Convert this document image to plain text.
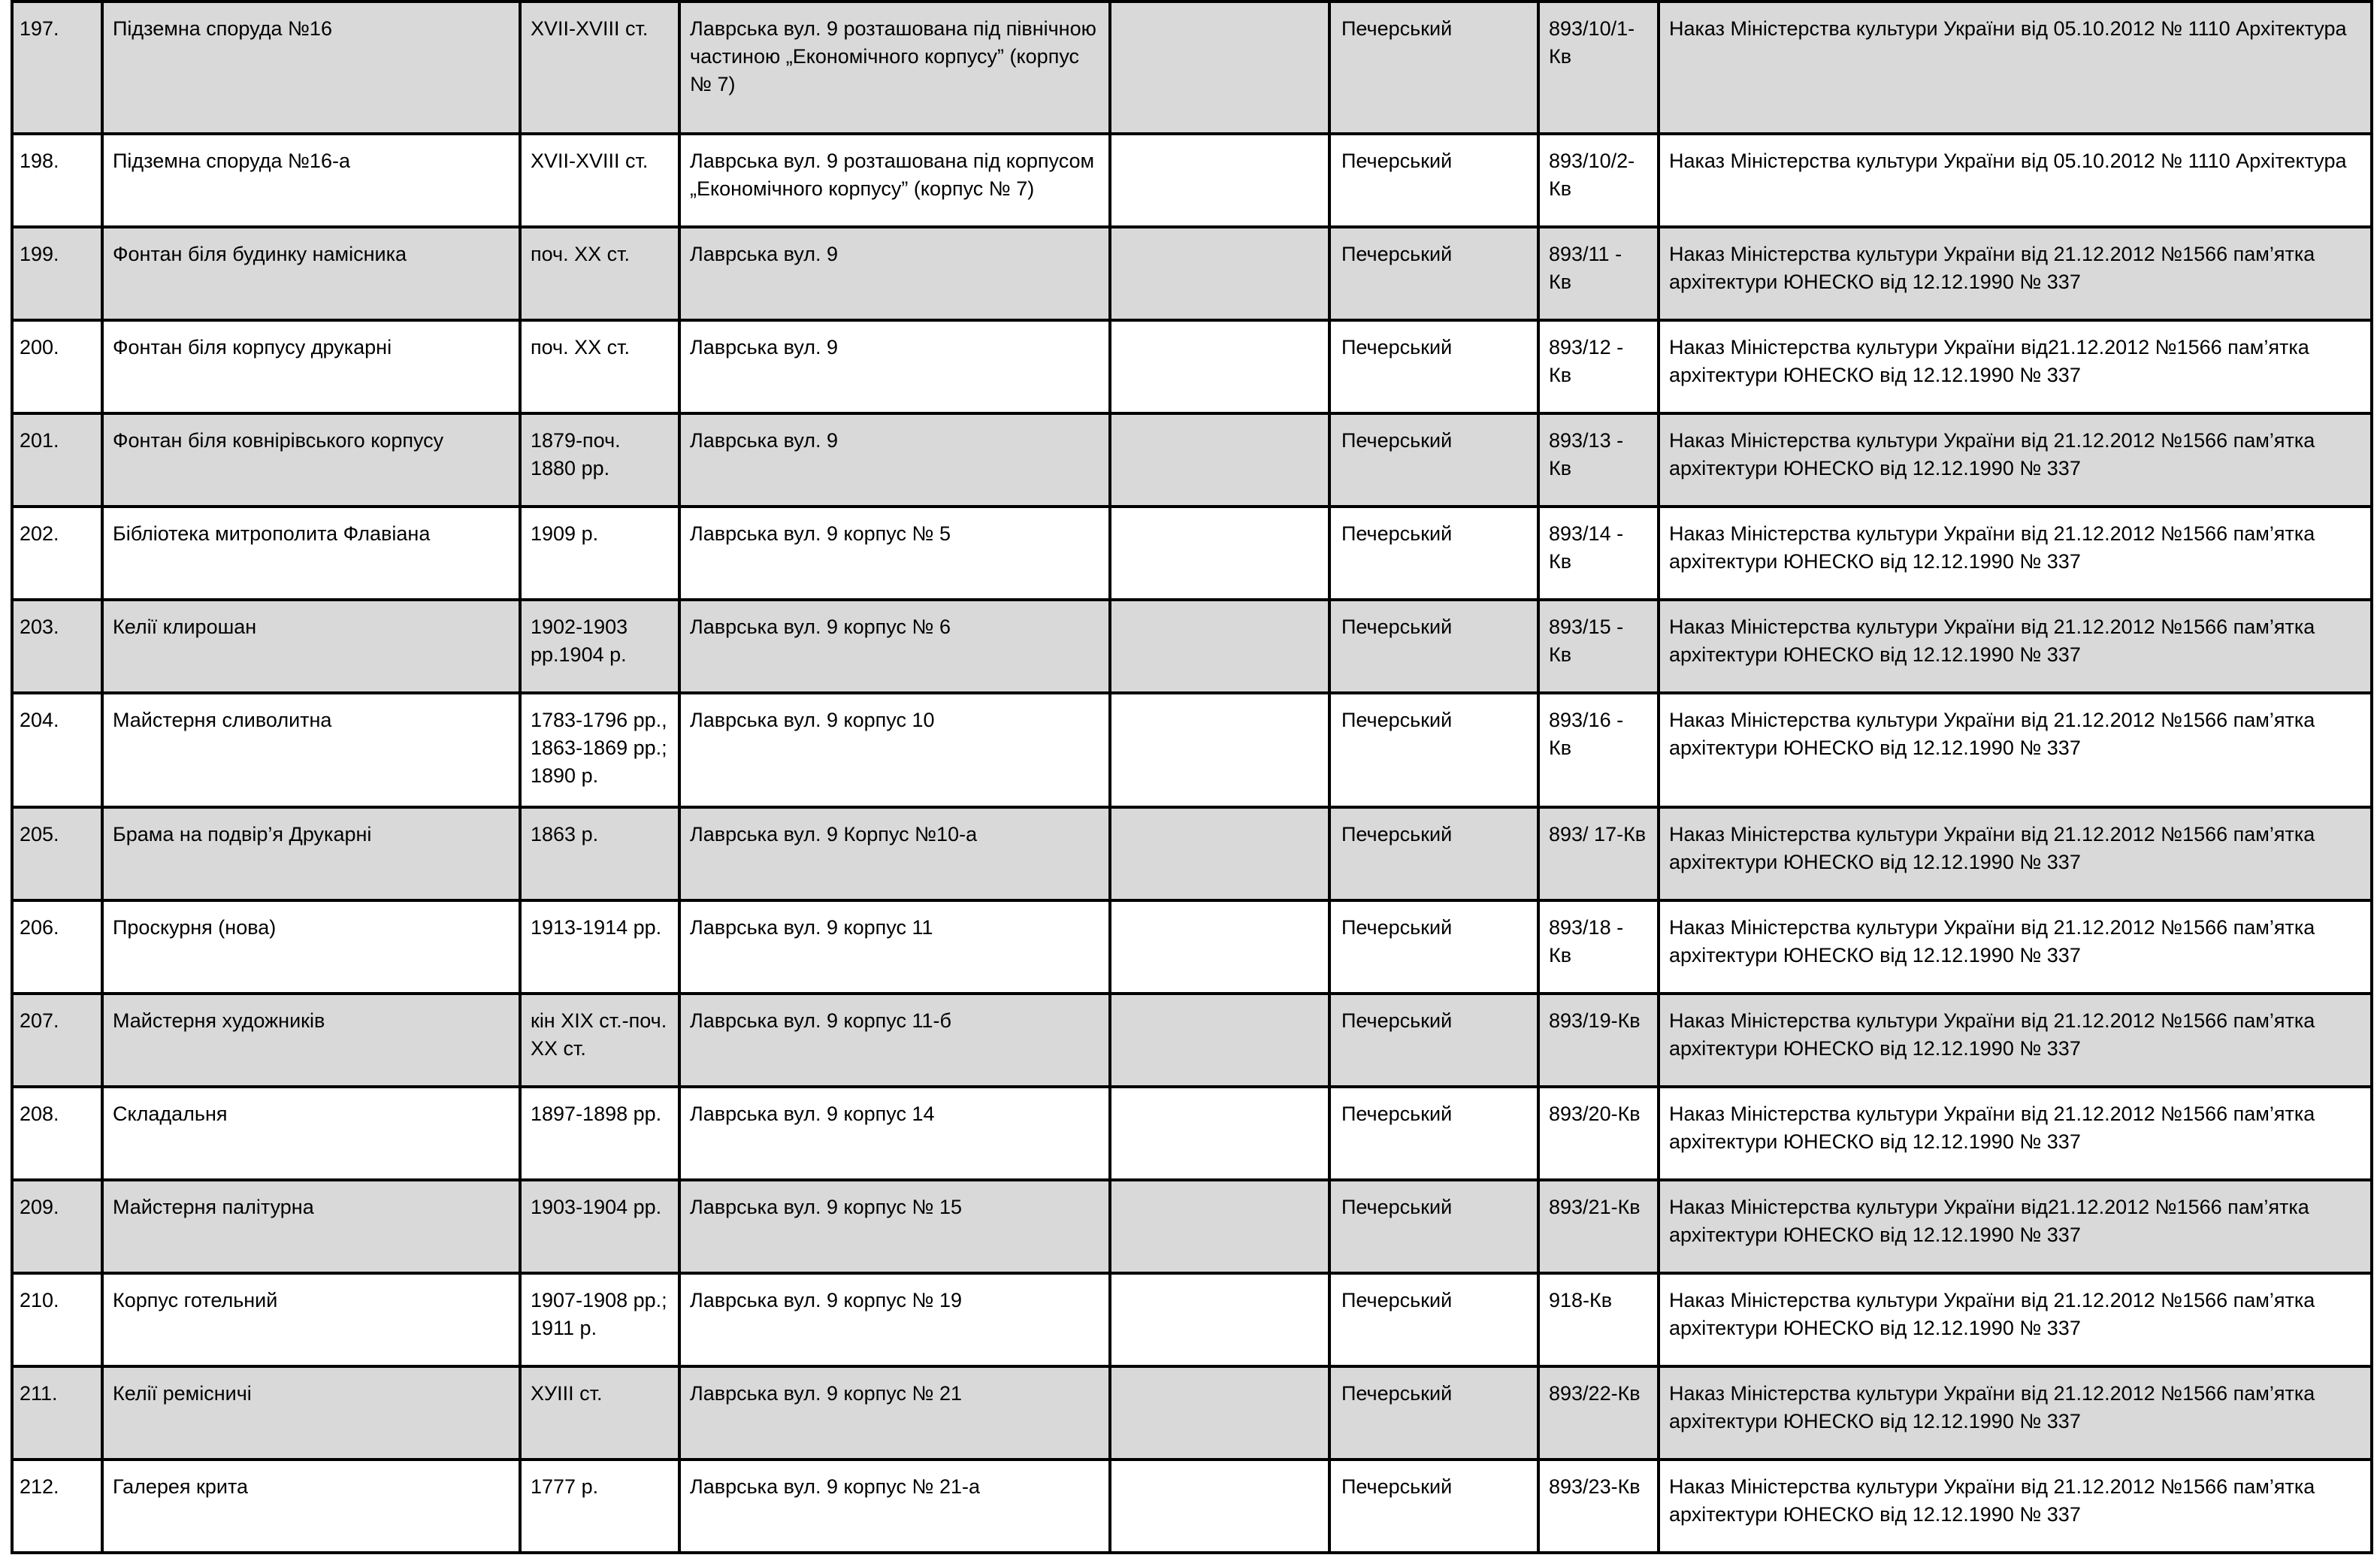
197.	Підземна споруда №16	XVII-XVIII ст.	Лаврська вул. 9 розташована під північною частиною „Економічного корпусу” (корпус № 7)		Печерський	893/10/1-Кв	Наказ Міністерства культури України від 05.10.2012 № 1110 Архітектура
198.	Підземна споруда №16-а	XVII-XVIII ст.	Лаврська вул. 9 розташована під корпусом „Економічного корпусу” (корпус № 7)		Печерський	893/10/2-Кв	Наказ Міністерства культури України від 05.10.2012 № 1110 Архітектура
199.	Фонтан біля будинку намісника	поч. ХХ ст.	Лаврська вул. 9		Печерський	893/11 - Кв	Наказ Міністерства культури України від 21.12.2012 №1566 пам’ятка архітектури ЮНЕСКО від 12.12.1990 № 337
200.	Фонтан біля корпусу друкарні	поч. ХХ ст.	Лаврська вул. 9		Печерський	893/12 - Кв	Наказ Міністерства культури України від21.12.2012 №1566 пам’ятка архітектури ЮНЕСКО від 12.12.1990 № 337
201.	Фонтан біля ковнірівського корпусу	1879-поч. 1880 рр.	Лаврська вул. 9		Печерський	893/13 - Кв	Наказ Міністерства культури України від 21.12.2012 №1566 пам’ятка архітектури ЮНЕСКО від 12.12.1990 № 337
202.	Бібліотека митрополита Флавіана	1909 р.	Лаврська вул. 9 корпус № 5		Печерський	893/14 - Кв	Наказ Міністерства культури України від 21.12.2012 №1566 пам’ятка архітектури ЮНЕСКО від 12.12.1990 № 337
203.	Келії клирошан	1902-1903 рр.1904 р.	Лаврська вул. 9 корпус № 6		Печерський	893/15 - Кв	Наказ Міністерства культури України від 21.12.2012 №1566 пам’ятка архітектури ЮНЕСКО від 12.12.1990 № 337
204.	Майстерня сливолитна	1783-1796 рр., 1863-1869 рр.; 1890 р.	Лаврська вул. 9 корпус 10		Печерський	893/16 - Кв	Наказ Міністерства культури України від 21.12.2012 №1566 пам’ятка архітектури ЮНЕСКО від 12.12.1990 № 337
205.	Брама на подвір’я Друкарні	1863 р.	Лаврська вул. 9 Корпус №10-а		Печерський	893/ 17-Кв	Наказ Міністерства культури України від 21.12.2012 №1566 пам’ятка архітектури ЮНЕСКО від 12.12.1990 № 337
206.	Проскурня (нова)	1913-1914 рр.	Лаврська вул. 9 корпус 11		Печерський	893/18 - Кв	Наказ Міністерства культури України від 21.12.2012 №1566 пам’ятка архітектури ЮНЕСКО від 12.12.1990 № 337
207.	Майстерня художників	кін XIX ст.-поч. ХХ ст.	Лаврська вул. 9 корпус 11-б		Печерський	893/19-Кв	Наказ Міністерства культури України від 21.12.2012 №1566 пам’ятка архітектури ЮНЕСКО від 12.12.1990 № 337
208.	Складальня	1897-1898 рр.	Лаврська вул. 9 корпус 14		Печерський	893/20-Кв	Наказ Міністерства культури України від 21.12.2012 №1566 пам’ятка архітектури ЮНЕСКО від 12.12.1990 № 337
209.	Майстерня палітурна	1903-1904 рр.	Лаврська вул. 9 корпус № 15		Печерський	893/21-Кв	Наказ Міністерства культури України від21.12.2012 №1566 пам’ятка архітектури ЮНЕСКО від 12.12.1990 № 337
210.	Корпус готельний	1907-1908 рр.; 1911 р.	Лаврська вул. 9 корпус № 19		Печерський	918-Кв	Наказ Міністерства культури України від 21.12.2012 №1566 пам’ятка архітектури ЮНЕСКО від 12.12.1990 № 337
211.	Келії ремісничі	ХУIII ст.	Лаврська вул. 9 корпус № 21		Печерський	893/22-Кв	Наказ Міністерства культури України від 21.12.2012 №1566 пам’ятка архітектури ЮНЕСКО від 12.12.1990 № 337
212.	Галерея крита	1777 р.	Лаврська вул. 9 корпус № 21-а		Печерський	893/23-Кв	Наказ Міністерства культури України від 21.12.2012 №1566 пам’ятка архітектури ЮНЕСКО від 12.12.1990 № 337
